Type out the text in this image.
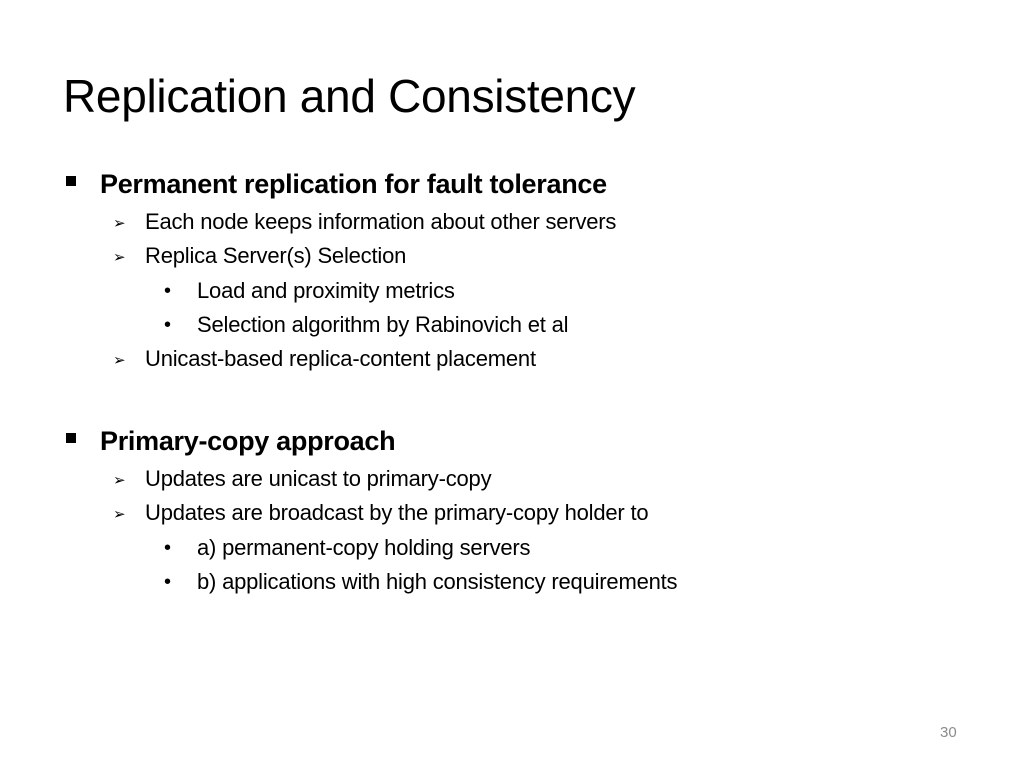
Replication and Consistency
Permanent replication for fault tolerance
➢ Each node keeps information about other servers
➢ Replica Server(s) Selection
• Load and proximity metrics
• Selection algorithm by Rabinovich et al
➢ Unicast-based replica-content placement
Primary-copy approach
➢ Updates are unicast to primary-copy
➢ Updates are broadcast by the primary-copy holder to
• a) permanent-copy holding servers
• b) applications with high consistency requirements
30
